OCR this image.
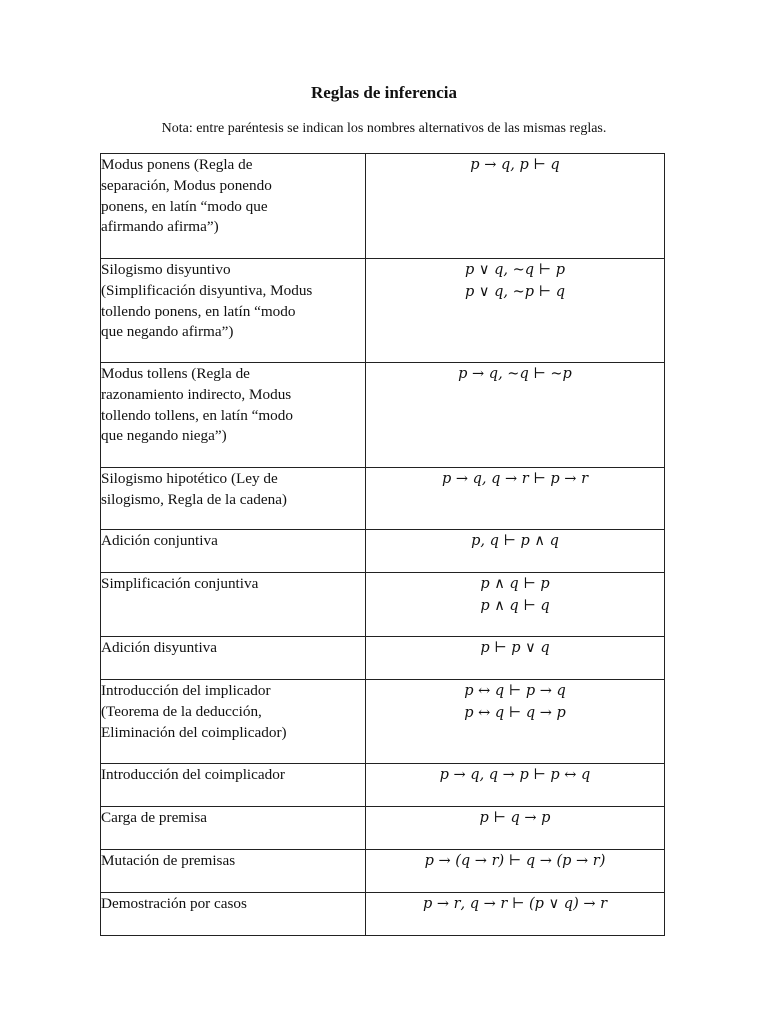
Reglas de inferencia
Nota: entre paréntesis se indican los nombres alternativos de las mismas reglas.
Modus ponens (Regla de
separación, Modus ponendo
ponens, en latín “modo que
afirmando afirma”)	𝑝 → 𝑞, 𝑝 ⊢ 𝑞

Silogismo disyuntivo
(Simplificación disyuntiva, Modus
tollendo ponens, en latín “modo
que negando afirma”)	𝑝 ∨ 𝑞, ~𝑞 ⊢ 𝑝
𝑝 ∨ 𝑞, ~𝑝 ⊢ 𝑞

Modus tollens (Regla de
razonamiento indirecto, Modus
tollendo tollens, en latín “modo
que negando niega”)	𝑝 → 𝑞, ~𝑞 ⊢ ~𝑝

Silogismo hipotético (Ley de
silogismo, Regla de la cadena)	𝑝 → 𝑞, 𝑞 → 𝑟 ⊢ 𝑝 → 𝑟

Adición conjuntiva	𝑝, 𝑞 ⊢ 𝑝 ∧ 𝑞

Simplificación conjuntiva	𝑝 ∧ 𝑞 ⊢ 𝑝
𝑝 ∧ 𝑞 ⊢ 𝑞

Adición disyuntiva	𝑝 ⊢ 𝑝 ∨ 𝑞

Introducción del implicador
(Teorema de la deducción,
Eliminación del coimplicador)	𝑝 ↔ 𝑞 ⊢ 𝑝 → 𝑞
𝑝 ↔ 𝑞 ⊢ 𝑞 → 𝑝

Introducción del coimplicador	𝑝 → 𝑞, 𝑞 → 𝑝 ⊢ 𝑝 ↔ 𝑞

Carga de premisa	𝑝 ⊢ 𝑞 → 𝑝

Mutación de premisas	𝑝 → (𝑞 → 𝑟) ⊢ 𝑞 → (𝑝 → 𝑟)

Demostración por casos	𝑝 → 𝑟, 𝑞 → 𝑟 ⊢ (𝑝 ∨ 𝑞) → 𝑟
